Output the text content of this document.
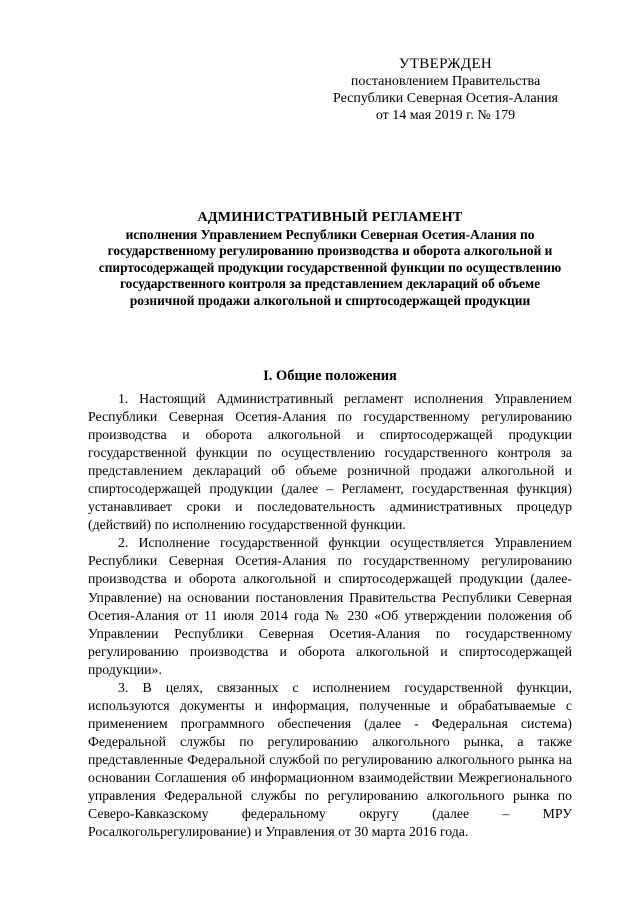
УТВЕРЖДЕН
постановлением Правительства
Республики Северная Осетия-Алания
от 14 мая 2019 г. № 179
АДМИНИСТРАТИВНЫЙ РЕГЛАМЕНТ
исполнения Управлением Республики Северная Осетия-Алания по государственному регулированию производства и оборота алкогольной и спиртосодержащей продукции государственной функции по осуществлению государственного контроля за представлением деклараций об объеме розничной продажи алкогольной и спиртосодержащей продукции
I. Общие положения

1. Настоящий Административный регламент исполнения Управлением Республики Северная Осетия-Алания по государственному регулированию производства и оборота алкогольной и спиртосодержащей продукции государственной функции по осуществлению государственного контроля за представлением деклараций об объеме розничной продажи алкогольной и спиртосодержащей продукции (далее – Регламент, государственная функция) устанавливает сроки и последовательность административных процедур (действий) по исполнению государственной функции.

2. Исполнение государственной функции осуществляется Управлением Республики Северная Осетия-Алания по государственному регулированию производства и оборота алкогольной и спиртосодержащей продукции (далее-Управление) на основании постановления Правительства Республики Северная Осетия-Алания от 11 июля 2014 года № 230 «Об утверждении положения об Управлении Республики Северная Осетия-Алания по государственному регулированию производства и оборота алкогольной и спиртосодержащей продукции».

3. В целях, связанных с исполнением государственной функции, используются документы и информация, полученные и обрабатываемые с применением программного обеспечения (далее - Федеральная система) Федеральной службы по регулированию алкогольного рынка, а также представленные Федеральной службой по регулированию алкогольного рынка на основании Соглашения об информационном взаимодействии Межрегионального управления Федеральной службы по регулированию алкогольного рынка по Северо-Кавказскому федеральному округу (далее – МРУ Росалкогольрегулирование) и Управления от 30 марта 2016 года.
